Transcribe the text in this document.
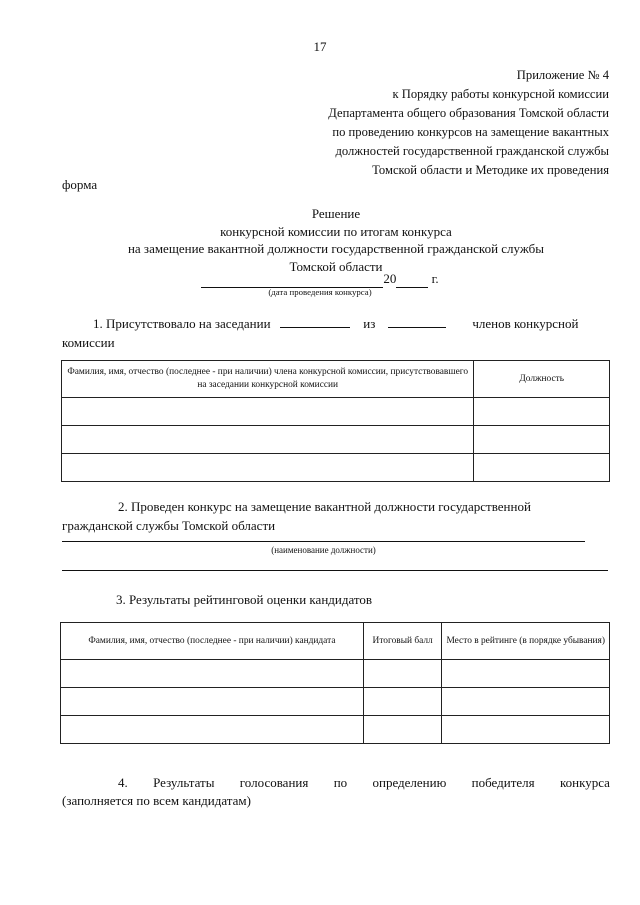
17
Приложение № 4
к Порядку работы конкурсной комиссии
Департамента общего образования Томской области
по проведению конкурсов на замещение вакантных
должностей государственной гражданской службы
Томской области и Методике их проведения
форма
Решение
конкурсной комиссии по итогам конкурса
на замещение вакантной должности государственной гражданской службы
Томской области
20	г.
(дата проведения конкурса)
1. Присутствовало на заседании	из	членов конкурсной
комиссии
Фамилия, имя, отчество (последнее - при наличии) члена конкурсной комиссии, присутствовавшего на заседании конкурсной комиссии	Должность

2. Проведен конкурс на замещение вакантной должности государственной
гражданской службы Томской области
(наименование должности)
3. Результаты рейтинговой оценки кандидатов
Фамилия, имя, отчество (последнее - при наличии) кандидата	Итоговый балл	Место в рейтинге (в порядке убывания)

4. Результаты голосования по определению победителя конкурса
(заполняется по всем кандидатам)
